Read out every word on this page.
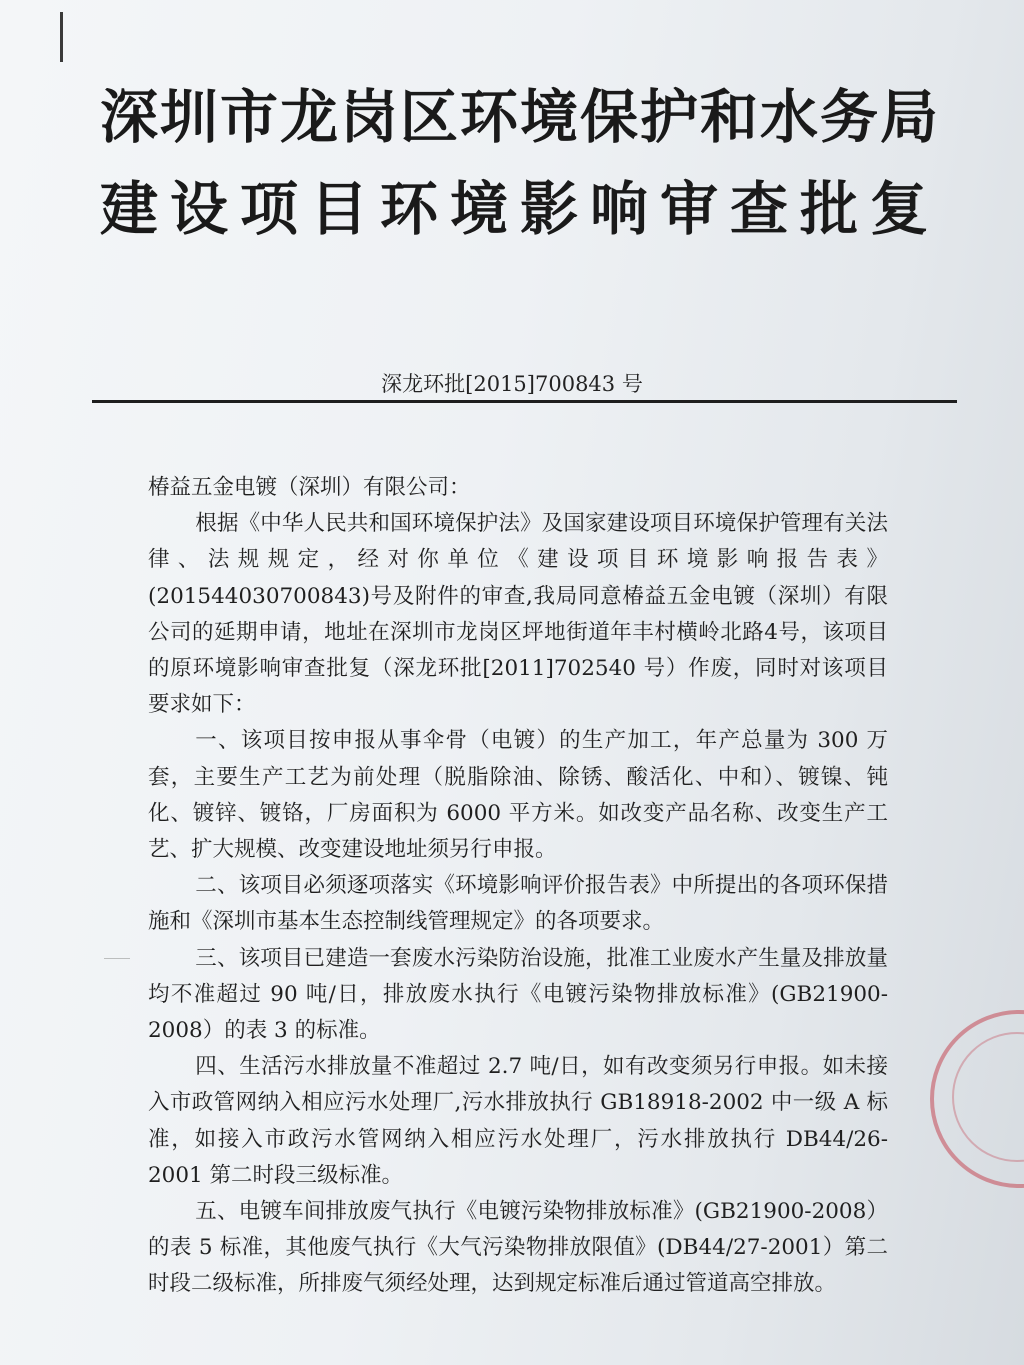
深圳市龙岗区环境保护和水务局
建设项目环境影响审查批复
深龙环批[2015]700843 号

椿益五金电镀（深圳）有限公司：

根据《中华人民共和国环境保护法》及国家建设项目环境保护管理有关法律、法规规定，经对你单位《建设项目环境影响报告表》(201544030700843)号及附件的审查,我局同意椿益五金电镀（深圳）有限公司的延期申请，地址在深圳市龙岗区坪地街道年丰村横岭北路4号，该项目的原环境影响审查批复（深龙环批[2011]702540 号）作废，同时对该项目要求如下：

一、该项目按申报从事伞骨（电镀）的生产加工，年产总量为 300 万套，主要生产工艺为前处理（脱脂除油、除锈、酸活化、中和）、镀镍、钝化、镀锌、镀铬，厂房面积为 6000 平方米。如改变产品名称、改变生产工艺、扩大规模、改变建设地址须另行申报。

二、该项目必须逐项落实《环境影响评价报告表》中所提出的各项环保措施和《深圳市基本生态控制线管理规定》的各项要求。

三、该项目已建造一套废水污染防治设施，批准工业废水产生量及排放量均不准超过 90 吨/日，排放废水执行《电镀污染物排放标准》(GB21900-2008）的表 3 的标准。

四、生活污水排放量不准超过 2.7 吨/日，如有改变须另行申报。如未接入市政管网纳入相应污水处理厂,污水排放执行 GB18918-2002 中一级 A 标准，如接入市政污水管网纳入相应污水处理厂，污水排放执行 DB44/26-2001 第二时段三级标准。

五、电镀车间排放废气执行《电镀污染物排放标准》(GB21900-2008）的表 5 标准，其他废气执行《大气污染物排放限值》(DB44/27-2001）第二时段二级标准，所排废气须经处理，达到规定标准后通过管道高空排放。
